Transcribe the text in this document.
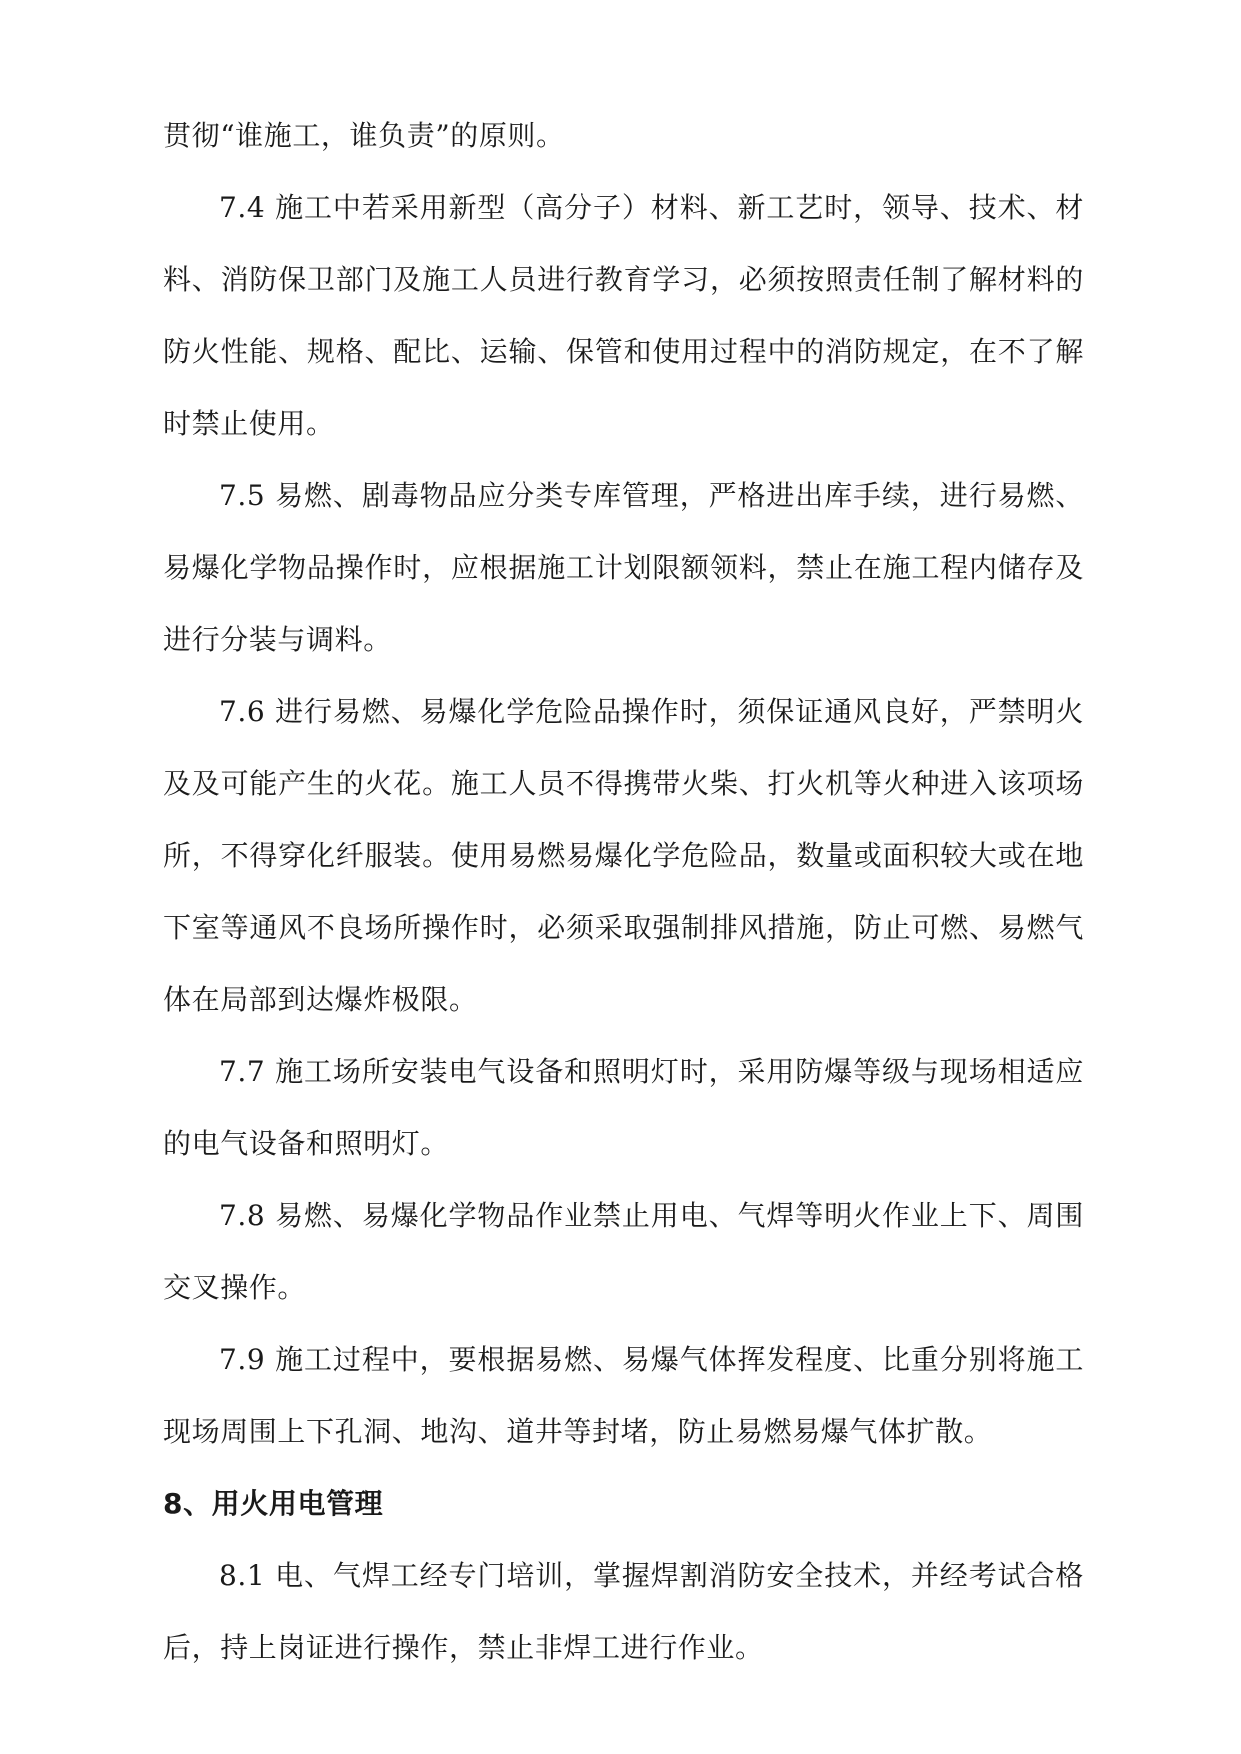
贯彻“谁施工，谁负责”的原则。

7.4 施工中若采用新型（高分子）材料、新工艺时，领导、技术、材料、消防保卫部门及施工人员进行教育学习，必须按照责任制了解材料的防火性能、规格、配比、运输、保管和使用过程中的消防规定，在不了解时禁止使用。

7.5 易燃、剧毒物品应分类专库管理，严格进出库手续，进行易燃、易爆化学物品操作时，应根据施工计划限额领料，禁止在施工程内储存及进行分装与调料。

7.6 进行易燃、易爆化学危险品操作时，须保证通风良好，严禁明火及及可能产生的火花。施工人员不得携带火柴、打火机等火种进入该项场所，不得穿化纤服装。使用易燃易爆化学危险品，数量或面积较大或在地下室等通风不良场所操作时，必须采取强制排风措施，防止可燃、易燃气体在局部到达爆炸极限。

7.7 施工场所安装电气设备和照明灯时，采用防爆等级与现场相适应的电气设备和照明灯。

7.8 易燃、易爆化学物品作业禁止用电、气焊等明火作业上下、周围交叉操作。

7.9 施工过程中，要根据易燃、易爆气体挥发程度、比重分别将施工现场周围上下孔洞、地沟、道井等封堵，防止易燃易爆气体扩散。

8、用火用电管理

8.1 电、气焊工经专门培训，掌握焊割消防安全技术，并经考试合格后，持上岗证进行操作，禁止非焊工进行作业。
